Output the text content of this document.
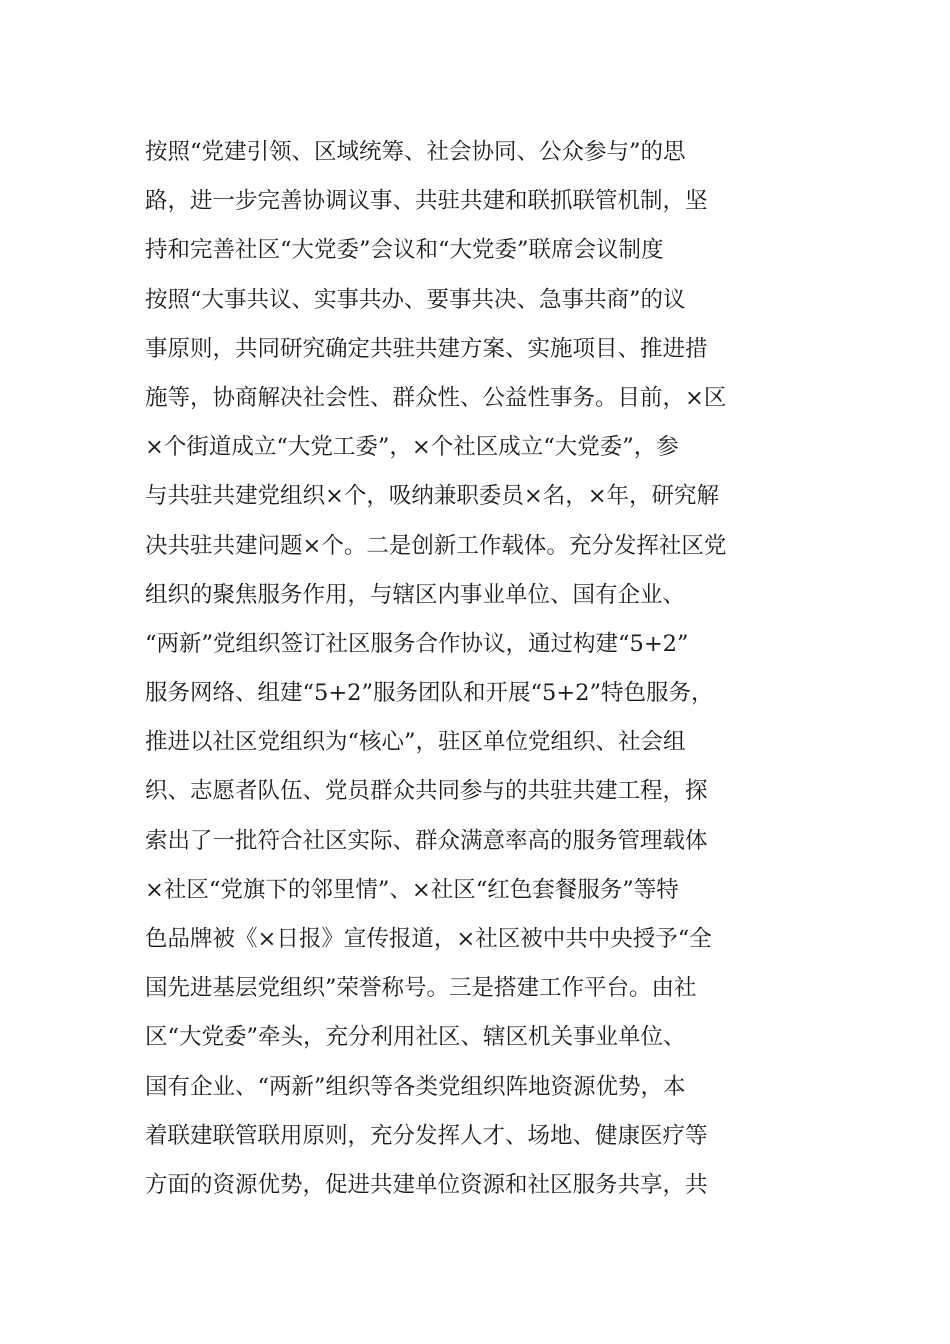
按照“党建引领、区域统筹、社会协同、公众参与”的思
路，进一步完善协调议事、共驻共建和联抓联管机制，坚
持和完善社区“大党委”会议和“大党委”联席会议制度
按照“大事共议、实事共办、要事共决、急事共商”的议
事原则，共同研究确定共驻共建方案、实施项目、推进措
施等，协商解决社会性、群众性、公益性事务。目前，×区
×个街道成立“大党工委”，×个社区成立“大党委”，参
与共驻共建党组织×个，吸纳兼职委员×名，×年，研究解
决共驻共建问题×个。二是创新工作载体。充分发挥社区党
组织的聚焦服务作用，与辖区内事业单位、国有企业、
“两新”党组织签订社区服务合作协议，通过构建“5+2”
服务网络、组建“5+2”服务团队和开展“5+2”特色服务，
推进以社区党组织为“核心”，驻区单位党组织、社会组
织、志愿者队伍、党员群众共同参与的共驻共建工程，探
索出了一批符合社区实际、群众满意率高的服务管理载体
×社区“党旗下的邻里情”、×社区“红色套餐服务”等特
色品牌被《×日报》宣传报道，×社区被中共中央授予“全
国先进基层党组织”荣誉称号。三是搭建工作平台。由社
区“大党委”牵头，充分利用社区、辖区机关事业单位、
国有企业、“两新”组织等各类党组织阵地资源优势，本
着联建联管联用原则，充分发挥人才、场地、健康医疗等
方面的资源优势，促进共建单位资源和社区服务共享，共
